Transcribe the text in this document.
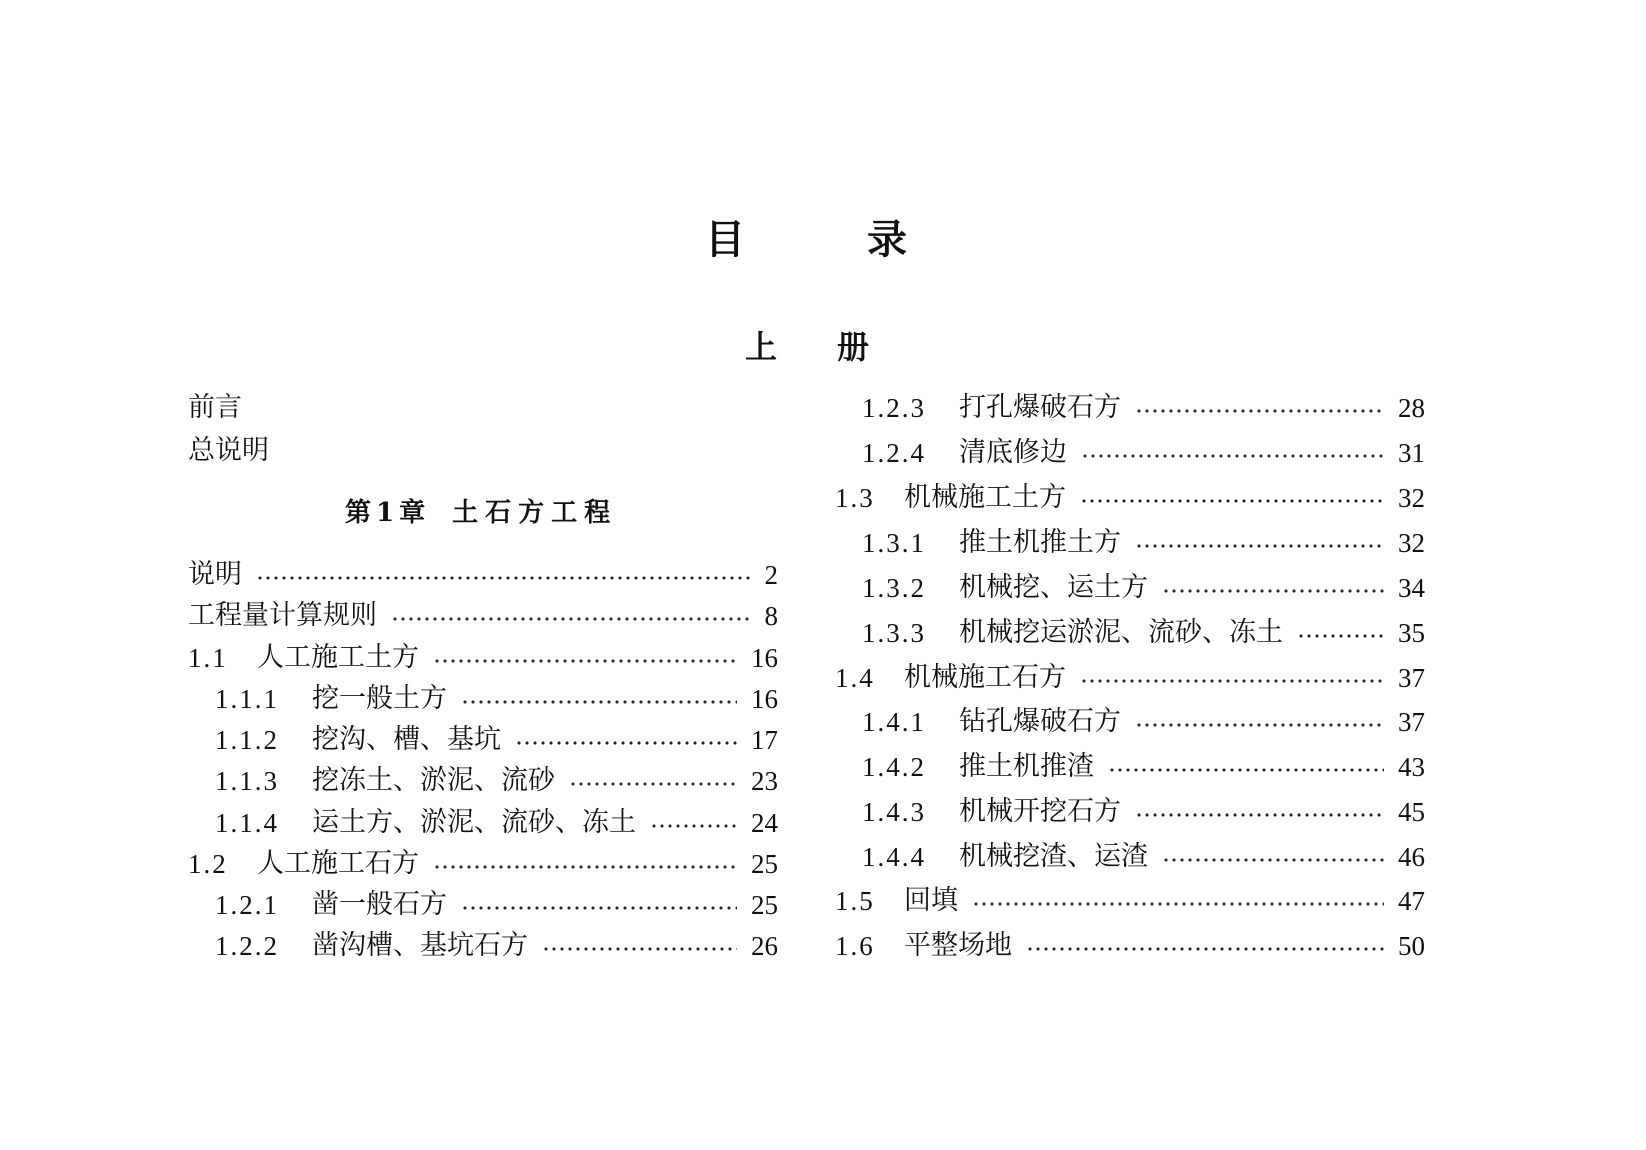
目录
上册
前言
总说明
第1章 土石方工程
说明	2
工程量计算规则	8
1.1	人工施工土方	16
1.1.1	挖一般土方	16
1.1.2	挖沟、槽、基坑	17
1.1.3	挖冻土、淤泥、流砂	23
1.1.4	运土方、淤泥、流砂、冻土	24
1.2	人工施工石方	25
1.2.1	凿一般石方	25
1.2.2	凿沟槽、基坑石方	26
1.2.3	打孔爆破石方	28
1.2.4	清底修边	31
1.3	机械施工土方	32
1.3.1	推土机推土方	32
1.3.2	机械挖、运土方	34
1.3.3	机械挖运淤泥、流砂、冻土	35
1.4	机械施工石方	37
1.4.1	钻孔爆破石方	37
1.4.2	推土机推渣	43
1.4.3	机械开挖石方	45
1.4.4	机械挖渣、运渣	46
1.5	回填	47
1.6	平整场地	50
